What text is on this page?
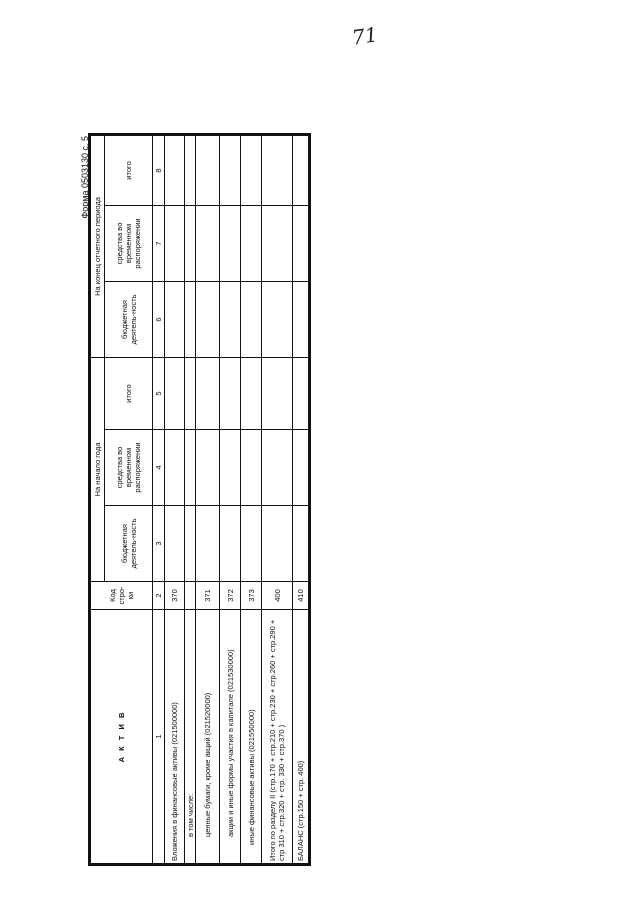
71
Форма 0503130 с. 5
А К Т И В	Код стро-ки	На начало года			На конец отчетного периода		
		бюджетная деятель-ность	средства во временном распоряжении	итого	бюджетная деятель-ность	средства во временном распоряжении	итого
1	2	3	4	5	6	7	8
Вложения в финансовые активы (021500000)	370						
в том числе:							
ценные бумаги, кроме акций (021520000)	371						
акции и иные формы участия в капитале (021530000)	372						
иные финансовые активы (021550000)	373						
Итого по разделу II (стр.170 + стр.210 + стр.230 + стр.260 + стр.290 + стр 310 + стр.320 + стр. 330 + стр.370 )	400						
БАЛАНС (стр.150 + стр. 400)	410						
